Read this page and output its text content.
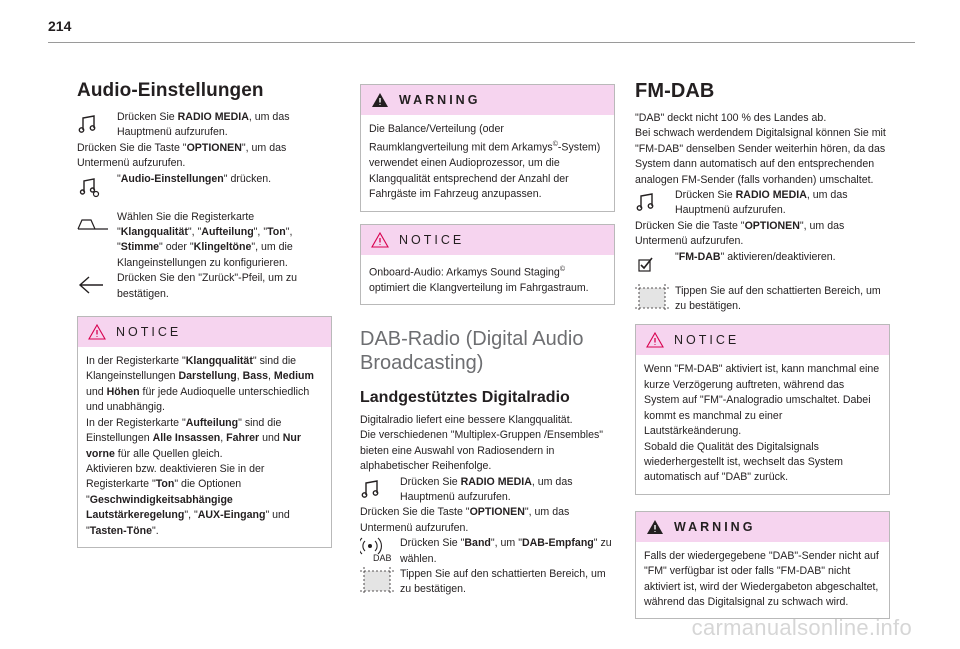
214
Audio-Einstellungen
Drücken Sie RADIO MEDIA, um das Hauptmenü aufzurufen.

Drücken Sie die Taste "OPTIONEN", um das Untermenü aufzurufen.

"Audio-Einstellungen" drücken.
Wählen Sie die Registerkarte "Klangqualität", "Aufteilung", "Ton", "Stimme" oder "Klingeltöne", um die Klangeinstellungen zu konfigurieren.
Drücken Sie den "Zurück"-Pfeil, um zu bestätigen.
NOTICE
In der Registerkarte "Klangqualität" sind die Klangeinstellungen Darstellung, Bass, Medium und Höhen für jede Audioquelle unterschiedlich und unabhängig.
In der Registerkarte "Aufteilung" sind die Einstellungen Alle Insassen, Fahrer und Nur vorne für alle Quellen gleich.
Aktivieren bzw. deaktivieren Sie in der Registerkarte "Ton" die Optionen "Geschwindigkeitsabhängige Lautstärkeregelung", "AUX-Eingang" und "Tasten-Töne".
WARNING
Die Balance/Verteilung (oder Raumklangverteilung mit dem Arkamys©-System) verwendet einen Audioprozessor, um die Klangqualität entsprechend der Anzahl der Fahrgäste im Fahrzeug anzupassen.
NOTICE
Onboard-Audio: Arkamys Sound Staging© optimiert die Klangverteilung im Fahrgastraum.
DAB-Radio (Digital Audio Broadcasting)
Landgestütztes Digitalradio

Digitalradio liefert eine bessere Klangqualität.

Die verschiedenen "Multiplex-Gruppen /Ensembles" bieten eine Auswahl von Radiosendern in alphabetischer Reihenfolge.

Drücken Sie RADIO MEDIA, um das Hauptmenü aufzurufen.

Drücken Sie die Taste "OPTIONEN", um das Untermenü aufzurufen.

DAB
Drücken Sie "Band", um "DAB-Empfang" zu wählen.
Tippen Sie auf den schattierten Bereich, um zu bestätigen.
FM-DAB

"DAB" deckt nicht 100 % des Landes ab.

Bei schwach werdendem Digitalsignal können Sie mit "FM-DAB" denselben Sender weiterhin hören, da das System dann automatisch auf den entsprechenden analogen FM-Sender (falls vorhanden) umschaltet.

Drücken Sie RADIO MEDIA, um das Hauptmenü aufzurufen.

Drücken Sie die Taste "OPTIONEN", um das Untermenü aufzurufen.

"FM-DAB" aktivieren/deaktivieren.
Tippen Sie auf den schattierten Bereich, um zu bestätigen.
NOTICE
Wenn "FM-DAB" aktiviert ist, kann manchmal eine kurze Verzögerung auftreten, während das System auf "FM"-Analogradio umschaltet. Dabei kommt es manchmal zu einer Lautstärkeänderung.
Sobald die Qualität des Digitalsignals wiederhergestellt ist, wechselt das System automatisch auf "DAB" zurück.
WARNING
Falls der wiedergegebene "DAB"-Sender nicht auf "FM" verfügbar ist oder falls "FM-DAB" nicht aktiviert ist, wird der Wiedergabeton abgeschaltet, während das Digitalsignal zu schwach wird.
carmanualsonline.info
